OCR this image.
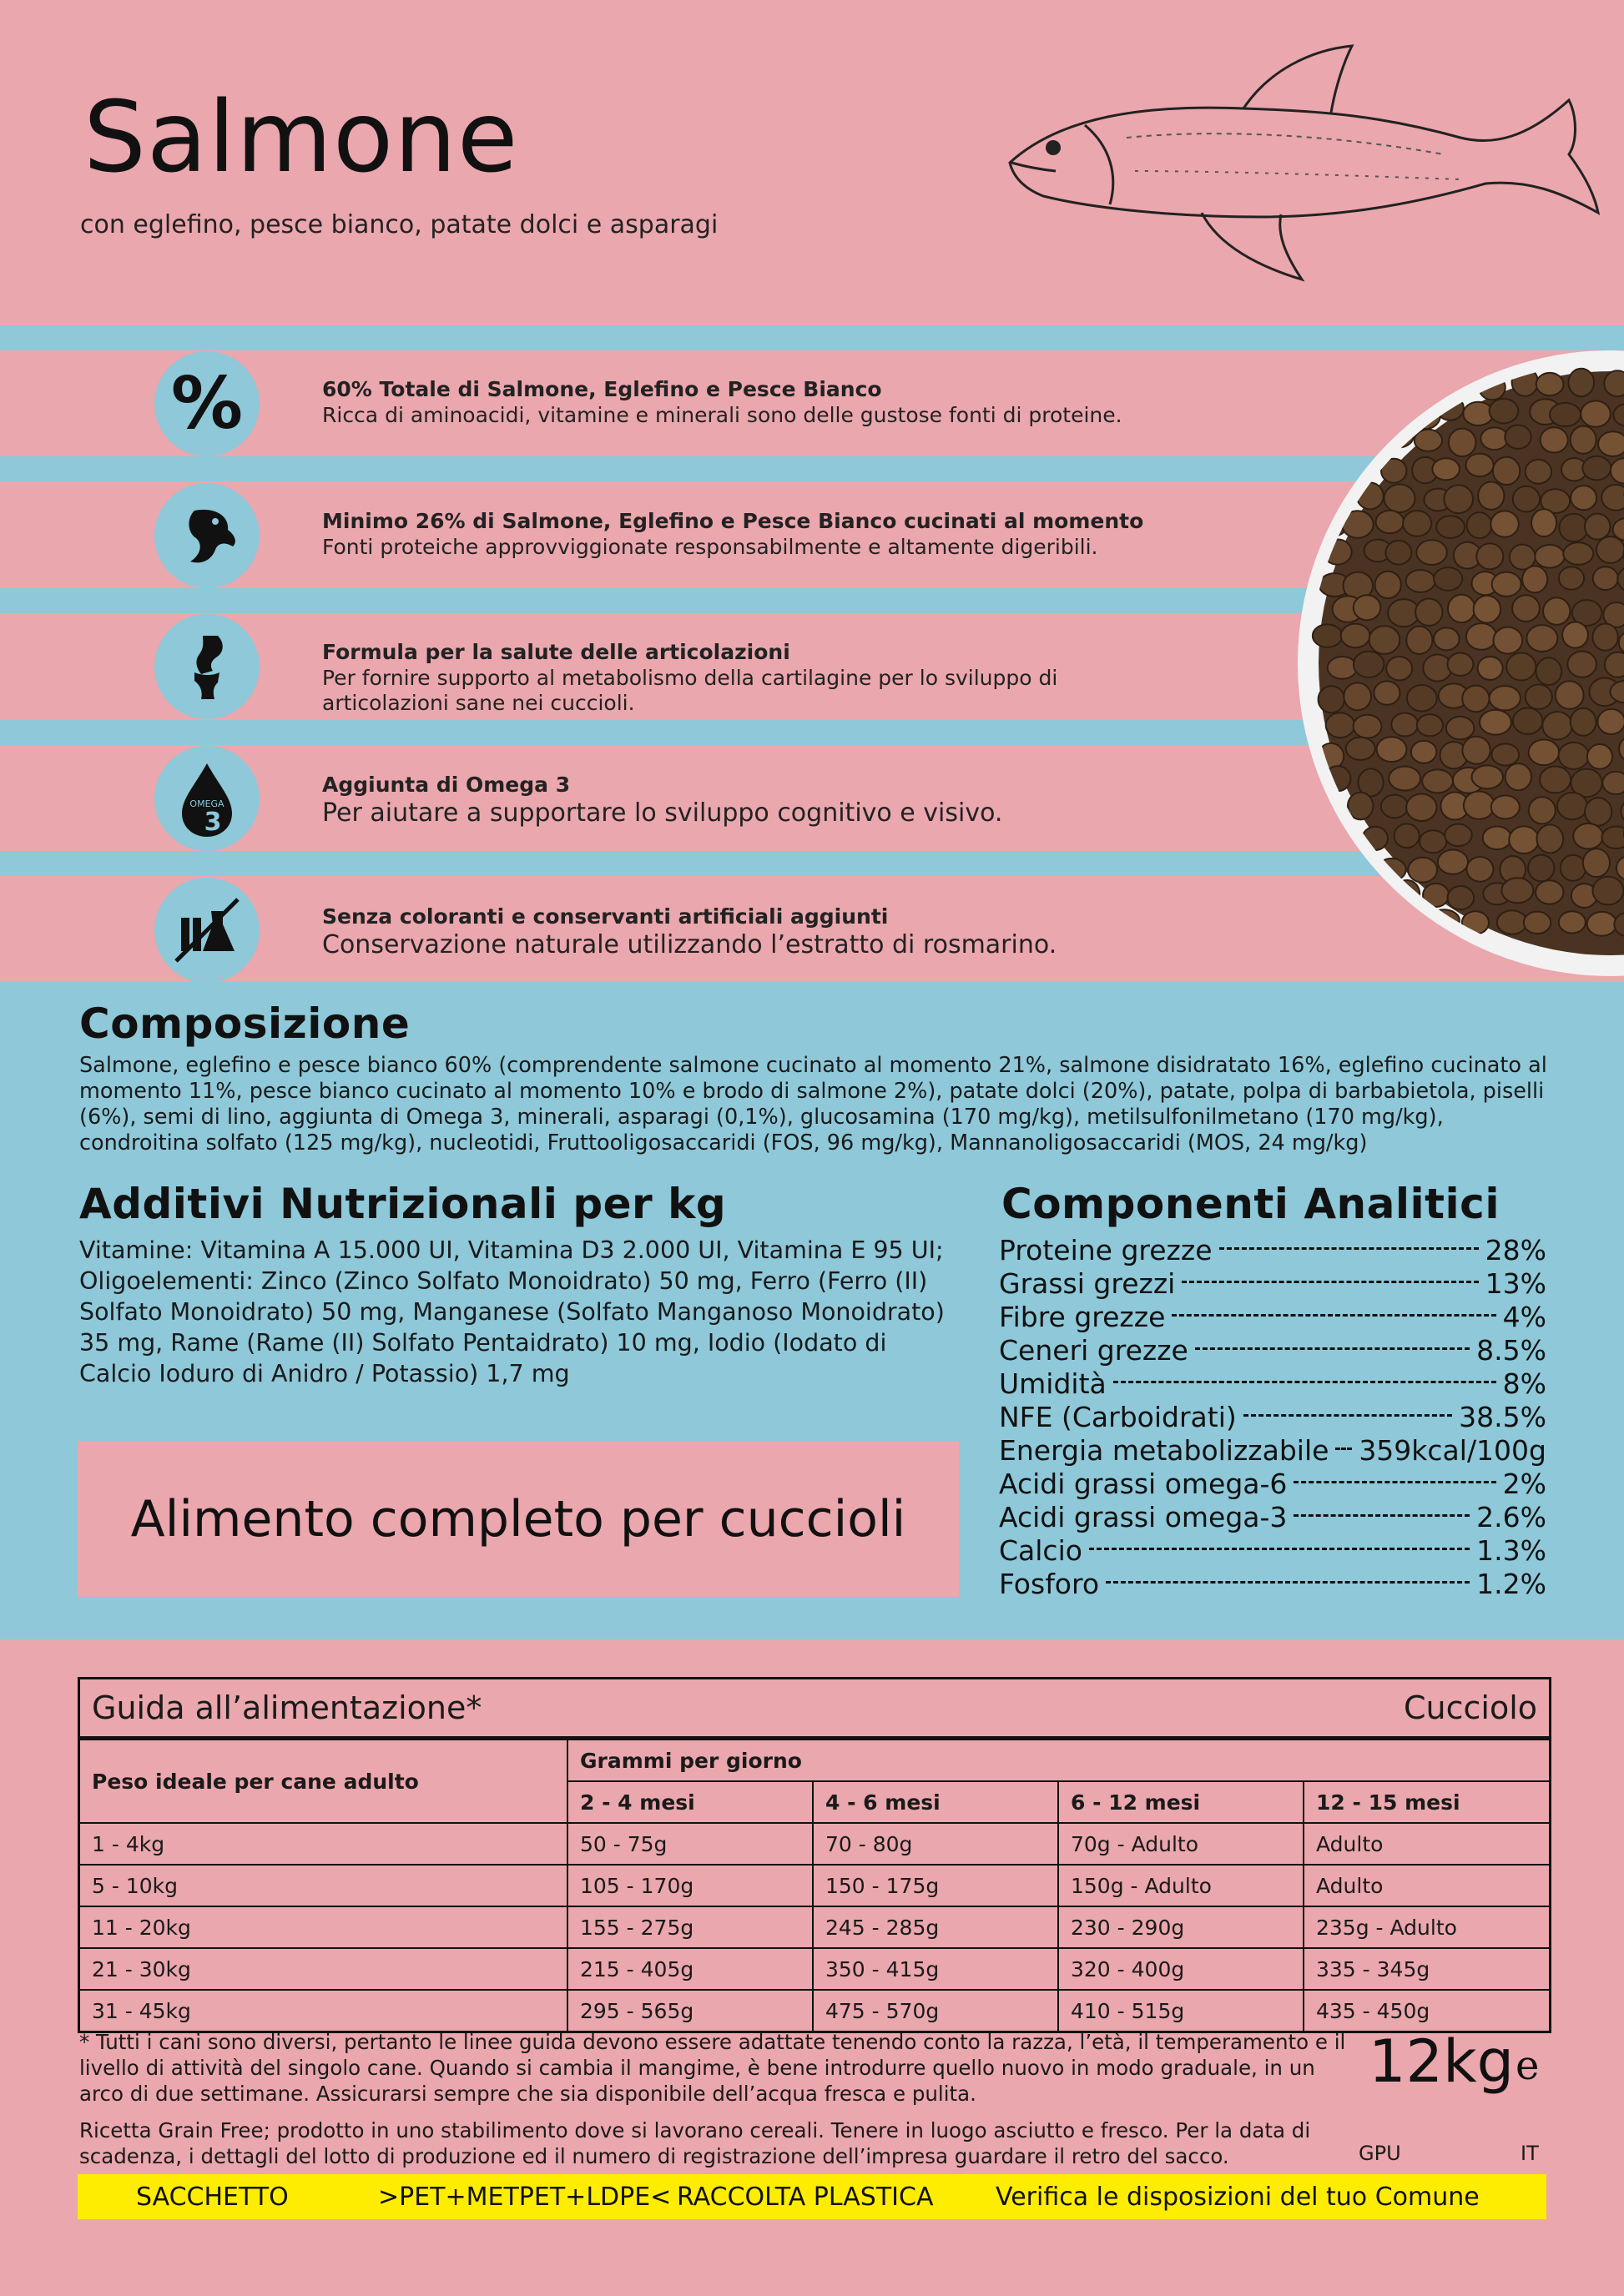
Salmone
con eglefino, pesce bianco, patate dolci e asparagi
%	60% Totale di Salmone, Eglefino e Pesce Bianco
Ricca di aminoacidi, vitamine e minerali sono delle gustose fonti di proteine.
Minimo 26% di Salmone, Eglefino e Pesce Bianco cucinati al momento
Fonti proteiche approvviggionate responsabilmente e altamente digeribili.
Formula per la salute delle articolazioni
Per fornire supporto al metabolismo della cartilagine per lo sviluppo di articolazioni sane nei cuccioli.
OMEGA
3
Aggiunta di Omega 3
Per aiutare a supportare lo sviluppo cognitivo e visivo.
Senza coloranti e conservanti artificiali aggiunti
Conservazione naturale utilizzando l’estratto di rosmarino.
Composizione
Salmone, eglefino e pesce bianco 60% (comprendente salmone cucinato al momento 21%, salmone disidratato 16%, eglefino cucinato al momento 11%, pesce bianco cucinato al momento 10% e brodo di salmone 2%), patate dolci (20%), patate, polpa di barbabietola, piselli (6%), semi di lino, aggiunta di Omega 3, minerali, asparagi (0,1%), glucosamina (170 mg/kg), metilsulfonilmetano (170 mg/kg), condroitina solfato (125 mg/kg), nucleotidi, Fruttooligosaccaridi (FOS, 96 mg/kg), Mannanoligosaccaridi (MOS, 24 mg/kg)
Additivi Nutrizionali per kg
Vitamine: Vitamina A 15.000 UI, Vitamina D3 2.000 UI, Vitamina E 95 UI; Oligoelementi: Zinco (Zinco Solfato Monoidrato) 50 mg, Ferro (Ferro (II) Solfato Monoidrato) 50 mg, Manganese (Solfato Manganoso Monoidrato) 35 mg, Rame (Rame (II) Solfato Pentaidrato) 10 mg, Iodio (Iodato di Calcio Ioduro di Anidro / Potassio) 1,7 mg
Alimento completo per cuccioli
Componenti Analitici
Proteine grezze	28%
Grassi grezzi	13%
Fibre grezze	4%
Ceneri grezze	8.5%
Umidità	8%
NFE (Carboidrati)	38.5%
Energia metabolizzabile 359kcal/100g
Acidi grassi omega-6	2%
Acidi grassi omega-3	2.6%
Calcio	1.3%
Fosforo	1.2%
Guida all’alimentazione*	Cucciolo
Peso ideale per cane adulto	Grammi per giorno			
	2 - 4 mesi	4 - 6 mesi	6 - 12 mesi	12 - 15 mesi
1 - 4kg	50 - 75g	70 - 80g	70g - Adulto	Adulto
5 - 10kg	105 - 170g	150 - 175g	150g - Adulto	Adulto
11 - 20kg	155 - 275g	245 - 285g	230 - 290g	235g - Adulto
21 - 30kg	215 - 405g	350 - 415g	320 - 400g	335 - 345g
31 - 45kg	295 - 565g	475 - 570g	410 - 515g	435 - 450g
* Tutti i cani sono diversi, pertanto le linee guida devono essere adattate tenendo conto la razza, l’età, il temperamento e il livello di attività del singolo cane. Quando si cambia il mangime, è bene introdurre quello nuovo in modo graduale, in un arco di due settimane. Assicurarsi sempre che sia disponibile dell’acqua fresca e pulita.
Ricetta Grain Free; prodotto in uno stabilimento dove si lavorano cereali. Tenere in luogo asciutto e fresco. Per la data di scadenza, i dettagli del lotto di produzione ed il numero di registrazione dell’impresa guardare il retro del sacco.
12kg e
GPU	IT
SACCHETTO	>PET+METPET+LDPE< RACCOLTA PLASTICA Verifica le disposizioni del tuo Comune
